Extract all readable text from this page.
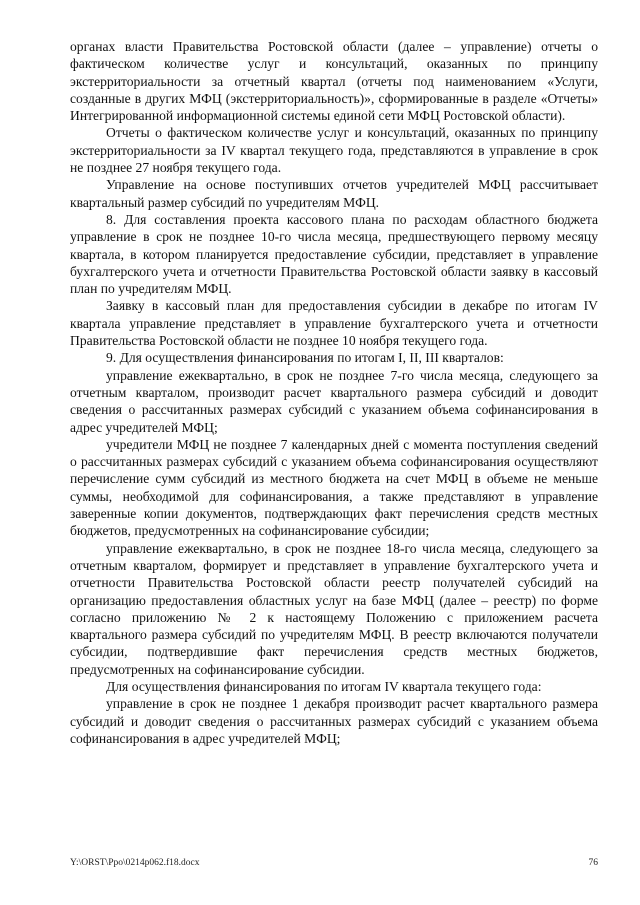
органах власти Правительства Ростовской области (далее – управление) отчеты о фактическом количестве услуг и консультаций, оказанных по принципу экстерриториальности за отчетный квартал (отчеты под наименованием «Услуги, созданные в других МФЦ (экстерриториальность)», сформированные в разделе «Отчеты» Интегрированной информационной системы единой сети МФЦ Ростовской области).

Отчеты о фактическом количестве услуг и консультаций, оказанных по принципу экстерриториальности за IV квартал текущего года, представляются в управление в срок не позднее 27 ноября текущего года.

Управление на основе поступивших отчетов учредителей МФЦ рассчитывает квартальный размер субсидий по учредителям МФЦ.

8. Для составления проекта кассового плана по расходам областного бюджета управление в срок не позднее 10-го числа месяца, предшествующего первому месяцу квартала, в котором планируется предоставление субсидии, представляет в управление бухгалтерского учета и отчетности Правительства Ростовской области заявку в кассовый план по учредителям МФЦ.

Заявку в кассовый план для предоставления субсидии в декабре по итогам IV квартала управление представляет в управление бухгалтерского учета и отчетности Правительства Ростовской области не позднее 10 ноября текущего года.

9. Для осуществления финансирования по итогам I, II, III кварталов:

управление ежеквартально, в срок не позднее 7-го числа месяца, следующего за отчетным кварталом, производит расчет квартального размера субсидий и доводит сведения о рассчитанных размерах субсидий с указанием объема софинансирования в адрес учредителей МФЦ;

учредители МФЦ не позднее 7 календарных дней с момента поступления сведений о рассчитанных размерах субсидий с указанием объема софинансирования осуществляют перечисление сумм субсидий из местного бюджета на счет МФЦ в объеме не меньше суммы, необходимой для софинансирования, а также представляют в управление заверенные копии документов, подтверждающих факт перечисления средств местных бюджетов, предусмотренных на софинансирование субсидии;

управление ежеквартально, в срок не позднее 18-го числа месяца, следующего за отчетным кварталом, формирует и представляет в управление бухгалтерского учета и отчетности Правительства Ростовской области реестр получателей субсидий на организацию предоставления областных услуг на базе МФЦ (далее – реестр) по форме согласно приложению № 2 к настоящему Положению с приложением расчета квартального размера субсидий по учредителям МФЦ. В реестр включаются получатели субсидии, подтвердившие факт перечисления средств местных бюджетов, предусмотренных на софинансирование субсидии.

Для осуществления финансирования по итогам IV квартала текущего года:

управление в срок не позднее 1 декабря производит расчет квартального размера субсидий и доводит сведения о рассчитанных размерах субсидий с указанием объема софинансирования в адрес учредителей МФЦ;

Y:\ORST\Ppo\0214p062.f18.docx	76
